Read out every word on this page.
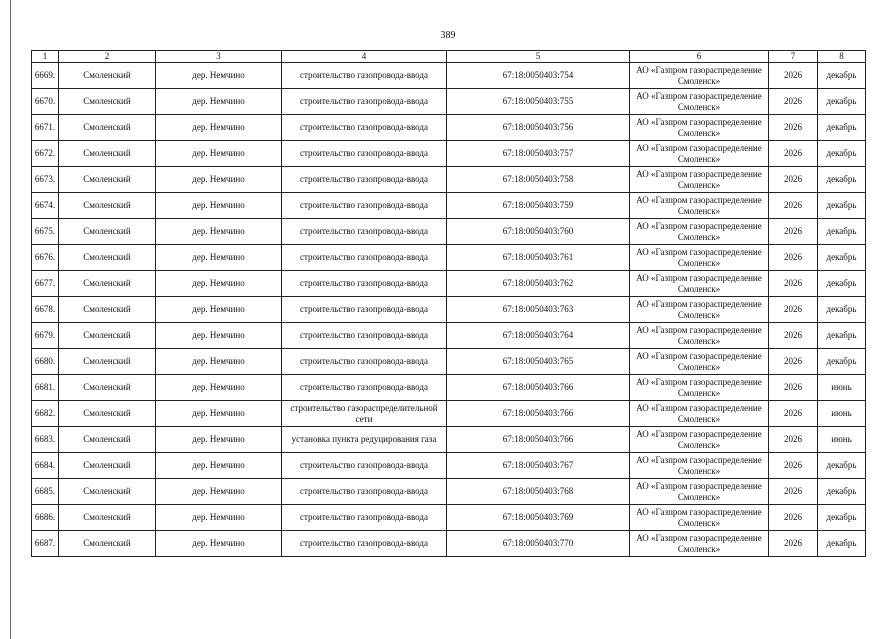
389
1	2	3	4	5	6	7	8
6669.	Смоленский	дер. Немчино	строительство газопровода-ввода	67:18:0050403:754	АО «Газпром газораспределение Смоленск»	2026	декабрь
6670.	Смоленский	дер. Немчино	строительство газопровода-ввода	67:18:0050403:755	АО «Газпром газораспределение Смоленск»	2026	декабрь
6671.	Смоленский	дер. Немчино	строительство газопровода-ввода	67:18:0050403:756	АО «Газпром газораспределение Смоленск»	2026	декабрь
6672.	Смоленский	дер. Немчино	строительство газопровода-ввода	67:18:0050403:757	АО «Газпром газораспределение Смоленск»	2026	декабрь
6673.	Смоленский	дер. Немчино	строительство газопровода-ввода	67:18:0050403:758	АО «Газпром газораспределение Смоленск»	2026	декабрь
6674.	Смоленский	дер. Немчино	строительство газопровода-ввода	67:18:0050403:759	АО «Газпром газораспределение Смоленск»	2026	декабрь
6675.	Смоленский	дер. Немчино	строительство газопровода-ввода	67:18:0050403:760	АО «Газпром газораспределение Смоленск»	2026	декабрь
6676.	Смоленский	дер. Немчино	строительство газопровода-ввода	67:18:0050403:761	АО «Газпром газораспределение Смоленск»	2026	декабрь
6677.	Смоленский	дер. Немчино	строительство газопровода-ввода	67:18:0050403:762	АО «Газпром газораспределение Смоленск»	2026	декабрь
6678.	Смоленский	дер. Немчино	строительство газопровода-ввода	67:18:0050403:763	АО «Газпром газораспределение Смоленск»	2026	декабрь
6679.	Смоленский	дер. Немчино	строительство газопровода-ввода	67:18:0050403:764	АО «Газпром газораспределение Смоленск»	2026	декабрь
6680.	Смоленский	дер. Немчино	строительство газопровода-ввода	67:18:0050403:765	АО «Газпром газораспределение Смоленск»	2026	декабрь
6681.	Смоленский	дер. Немчино	строительство газопровода-ввода	67:18:0050403:766	АО «Газпром газораспределение Смоленск»	2026	июнь
6682.	Смоленский	дер. Немчино	строительство газораспределительной сети	67:18:0050403:766	АО «Газпром газораспределение Смоленск»	2026	июнь
6683.	Смоленский	дер. Немчино	установка пункта редуцирования газа	67:18:0050403:766	АО «Газпром газораспределение Смоленск»	2026	июнь
6684.	Смоленский	дер. Немчино	строительство газопровода-ввода	67:18:0050403:767	АО «Газпром газораспределение Смоленск»	2026	декабрь
6685.	Смоленский	дер. Немчино	строительство газопровода-ввода	67:18:0050403:768	АО «Газпром газораспределение Смоленск»	2026	декабрь
6686.	Смоленский	дер. Немчино	строительство газопровода-ввода	67:18:0050403:769	АО «Газпром газораспределение Смоленск»	2026	декабрь
6687.	Смоленский	дер. Немчино	строительство газопровода-ввода	67:18:0050403:770	АО «Газпром газораспределение Смоленск»	2026	декабрь
